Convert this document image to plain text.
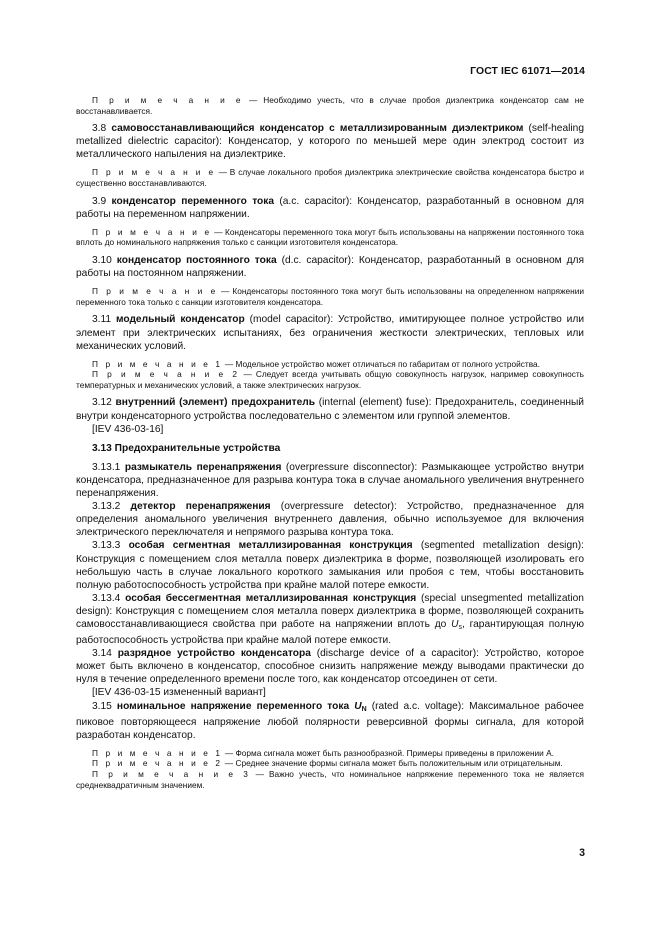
ГОСТ IEC 61071—2014

П р и м е ч а н и е — Необходимо учесть, что в случае пробоя диэлектрика конденсатор сам не восстанавливается.

3.8 самовосстанавливающийся конденсатор с металлизированным диэлектриком (self-healing metallized dielectric capacitor): Конденсатор, у которого по меньшей мере один электрод состоит из металлического напыления на диэлектрике.

П р и м е ч а н и е — В случае локального пробоя диэлектрика электрические свойства конденсатора быстро и существенно восстанавливаются.

3.9 конденсатор переменного тока (a.c. capacitor): Конденсатор, разработанный в основном для работы на переменном напряжении.

П р и м е ч а н и е — Конденсаторы переменного тока могут быть использованы на напряжении постоянного тока вплоть до номинального напряжения только с санкции изготовителя конденсатора.

3.10 конденсатор постоянного тока (d.c. capacitor): Конденсатор, разработанный в основном для работы на постоянном напряжении.

П р и м е ч а н и е — Конденсаторы постоянного тока могут быть использованы на определенном напряжении переменного тока только с санкции изготовителя конденсатора.

3.11 модельный конденсатор (model capacitor): Устройство, имитирующее полное устройство или элемент при электрических испытаниях, без ограничения жесткости электрических, тепловых или механических условий.

П р и м е ч а н и е 1 — Модельное устройство может отличаться по габаритам от полного устройства.

П р и м е ч а н и е 2 — Следует всегда учитывать общую совокупность нагрузок, например совокупность температурных и механических условий, а также электрических нагрузок.

3.12 внутренний (элемент) предохранитель (internal (element) fuse): Предохранитель, соединенный внутри конденсаторного устройства последовательно с элементом или группой элементов.

[IEV 436-03-16]

3.13 Предохранительные устройства

3.13.1 размыкатель перенапряжения (overpressure disconnector): Размыкающее устройство внутри конденсатора, предназначенное для разрыва контура тока в случае аномального увеличения внутреннего перенапряжения.

3.13.2 детектор перенапряжения (overpressure detector): Устройство, предназначенное для определения аномального увеличения внутреннего давления, обычно используемое для включения электрического переключателя и непрямого разрыва контура тока.

3.13.3 особая сегментная металлизированная конструкция (segmented metallization design): Конструкция с помещением слоя металла поверх диэлектрика в форме, позволяющей изолировать его небольшую часть в случае локального короткого замыкания или пробоя с тем, чтобы восстановить полную работоспособность устройства при крайне малой потере емкости.

3.13.4 особая бессегментная металлизированная конструкция (special unsegmented metallization design): Конструкция с помещением слоя металла поверх диэлектрика в форме, позволяющей сохранить самовосстанавливающиеся свойства при работе на напряжении вплоть до $U_s$, гарантирующая полную работоспособность устройства при крайне малой потере емкости.

3.14 разрядное устройство конденсатора (discharge device of a capacitor): Устройство, которое может быть включено в конденсатор, способное снизить напряжение между выводами практически до нуля в течение определенного времени после того, как конденсатор отсоединен от сети.

[IEV 436-03-15 измененный вариант]

3.15 номинальное напряжение переменного тока $U_N$ (rated a.c. voltage): Максимальное рабочее пиковое повторяющееся напряжение любой полярности реверсивной формы сигнала, для которой разработан конденсатор.

П р и м е ч а н и е 1 — Форма сигнала может быть разнообразной. Примеры приведены в приложении А.

П р и м е ч а н и е 2 — Среднее значение формы сигнала может быть положительным или отрицательным.

П р и м е ч а н и е 3 — Важно учесть, что номинальное напряжение переменного тока не является среднеквадратичным значением.

3
